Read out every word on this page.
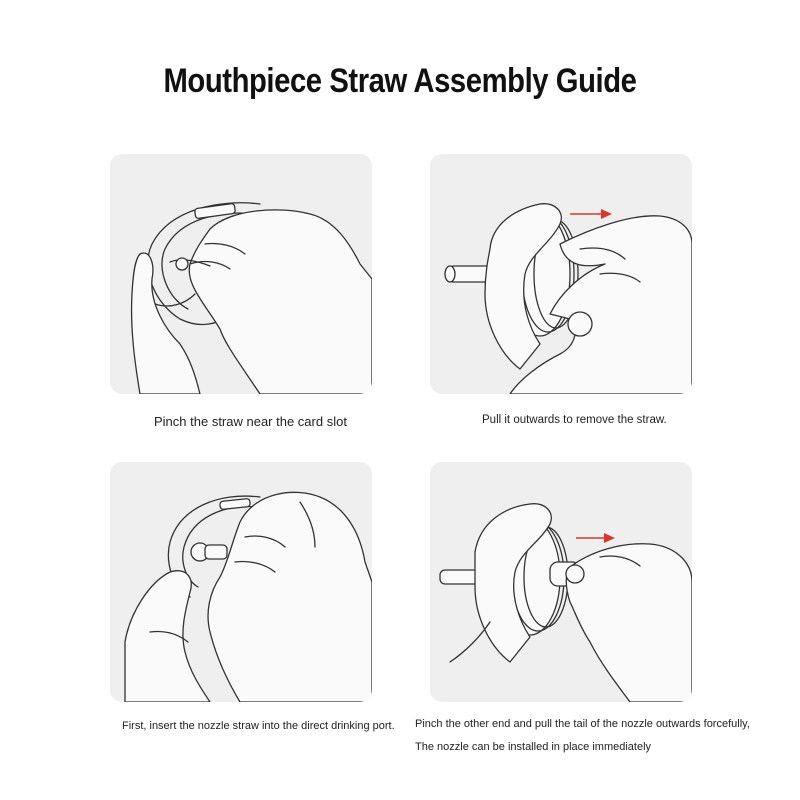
Mouthpiece Straw Assembly Guide
Pinch the straw near the card slot	Pull it outwards to remove the straw.
First, insert the nozzle straw into the direct drinking port. Pinch the other end and pull the tail of the nozzle outwards forcefully,
The nozzle can be installed in place immediately
